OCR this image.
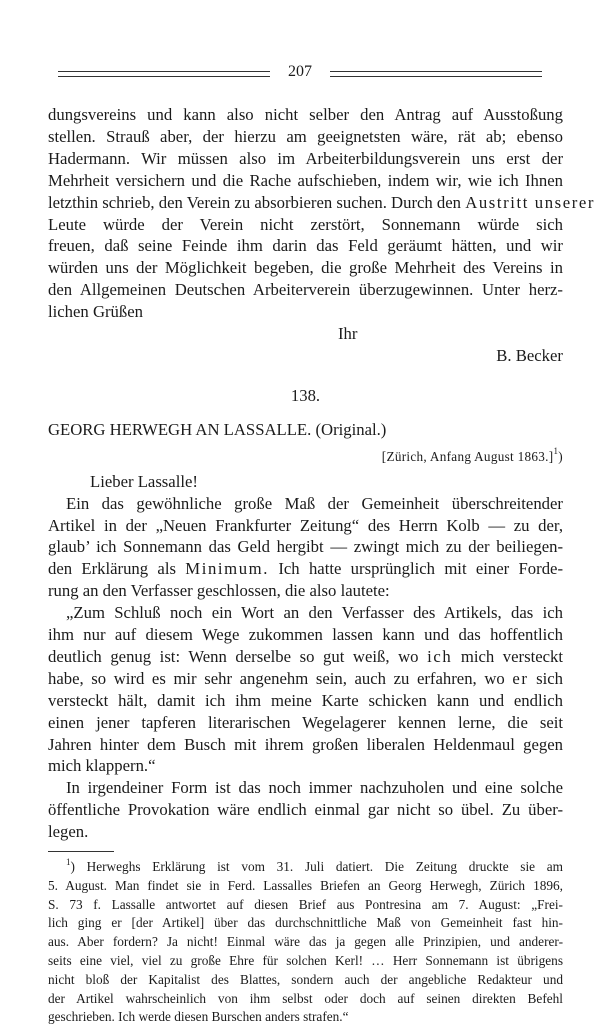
207
dungsvereins und kann also nicht selber den Antrag auf Ausstoßung
stellen. Strauß aber, der hierzu am geeignetsten wäre, rät ab; ebenso
Hadermann. Wir müssen also im Arbeiterbildungsverein uns erst der
Mehrheit versichern und die Rache aufschieben, indem wir, wie ich Ihnen
letzthin schrieb, den Verein zu absorbieren suchen. Durch den Austritt unserer
Leute würde der Verein nicht zerstört, Sonnemann würde sich
freuen, daß seine Feinde ihm darin das Feld geräumt hätten, und wir
würden uns der Möglichkeit begeben, die große Mehrheit des Vereins in
den Allgemeinen Deutschen Arbeiterverein überzugewinnen. Unter herz-
lichen Grüßen
Ihr
B. Becker
138.
GEORG HERWEGH AN LASSALLE. (Original.)
[Zürich, Anfang August 1863.]$^1$)
Lieber Lassalle!
Ein das gewöhnliche große Maß der Gemeinheit überschreitender
Artikel in der „Neuen Frankfurter Zeitung“ des Herrn Kolb — zu der,
glaub’ ich Sonnemann das Geld hergibt — zwingt mich zu der beiliegen-
den Erklärung als Minimum. Ich hatte ursprünglich mit einer Forde-
rung an den Verfasser geschlossen, die also lautete:
„Zum Schluß noch ein Wort an den Verfasser des Artikels, das ich
ihm nur auf diesem Wege zukommen lassen kann und das hoffentlich
deutlich genug ist: Wenn derselbe so gut weiß, wo ich mich versteckt
habe, so wird es mir sehr angenehm sein, auch zu erfahren, wo er sich
versteckt hält, damit ich ihm meine Karte schicken kann und endlich
einen jener tapferen literarischen Wegelagerer kennen lerne, die seit
Jahren hinter dem Busch mit ihrem großen liberalen Heldenmaul gegen
mich klappern.“
In irgendeiner Form ist das noch immer nachzuholen und eine solche
öffentliche Provokation wäre endlich einmal gar nicht so übel. Zu über-
legen.
$^1$) Herweghs Erklärung ist vom 31. Juli datiert. Die Zeitung druckte sie am
5. August. Man findet sie in Ferd. Lassalles Briefen an Georg Herwegh, Zürich 1896,
S. 73 f. Lassalle antwortet auf diesen Brief aus Pontresina am 7. August: „Frei-
lich ging er [der Artikel] über das durchschnittliche Maß von Gemeinheit fast hin-
aus. Aber fordern? Ja nicht! Einmal wäre das ja gegen alle Prinzipien, und anderer-
seits eine viel, viel zu große Ehre für solchen Kerl! … Herr Sonnemann ist übrigens
nicht bloß der Kapitalist des Blattes, sondern auch der angebliche Redakteur und
der Artikel wahrscheinlich von ihm selbst oder doch auf seinen direkten Befehl
geschrieben. Ich werde diesen Burschen anders strafen.“
